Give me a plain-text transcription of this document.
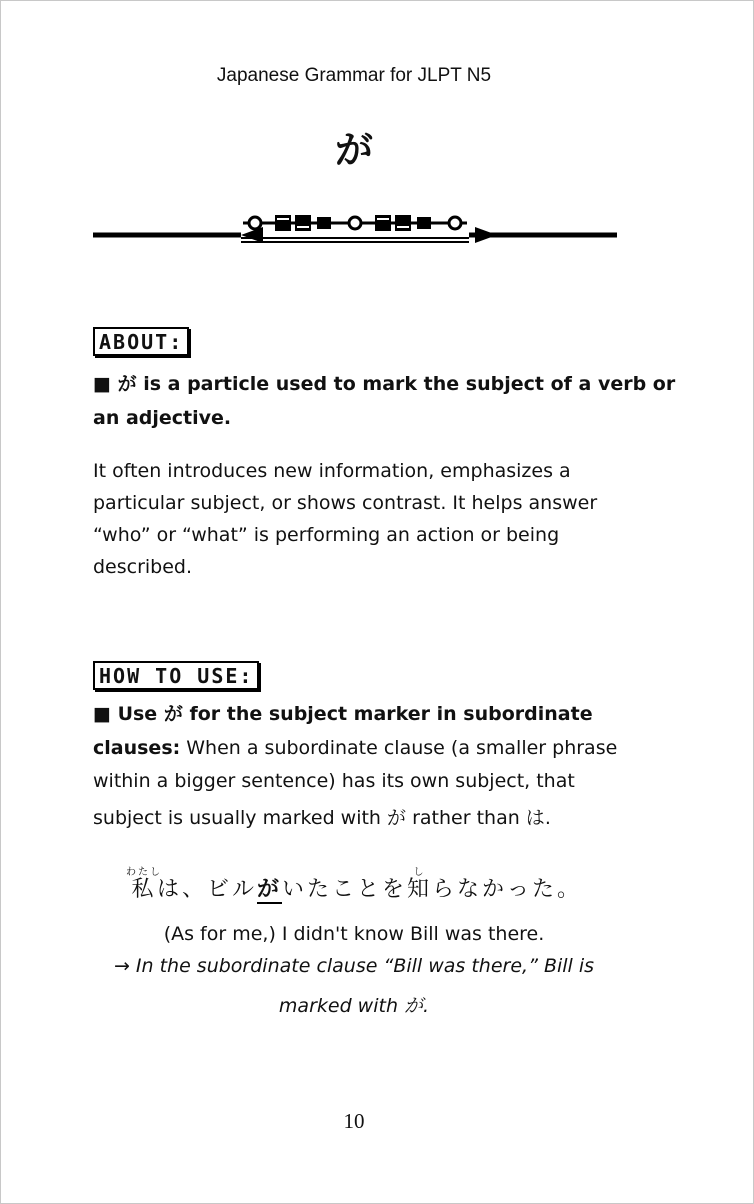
Japanese Grammar for JLPT N5
が
ABOUT:
■ が is a particle used to mark the subject of a verb or
an adjective.
It often introduces new information, emphasizes a
particular subject, or shows contrast. It helps answer
“who” or “what” is performing an action or being
described.
HOW TO USE:
■ Use が for the subject marker in subordinate
clauses: When a subordinate clause (a smaller phrase
within a bigger sentence) has its own subject, that
subject is usually marked with が rather than は.
私わたしは、ビルがいたことを知しらなかった。
(As for me,) I didn't know Bill was there.
→ In the subordinate clause “Bill was there,” Bill is
marked with が.
10
